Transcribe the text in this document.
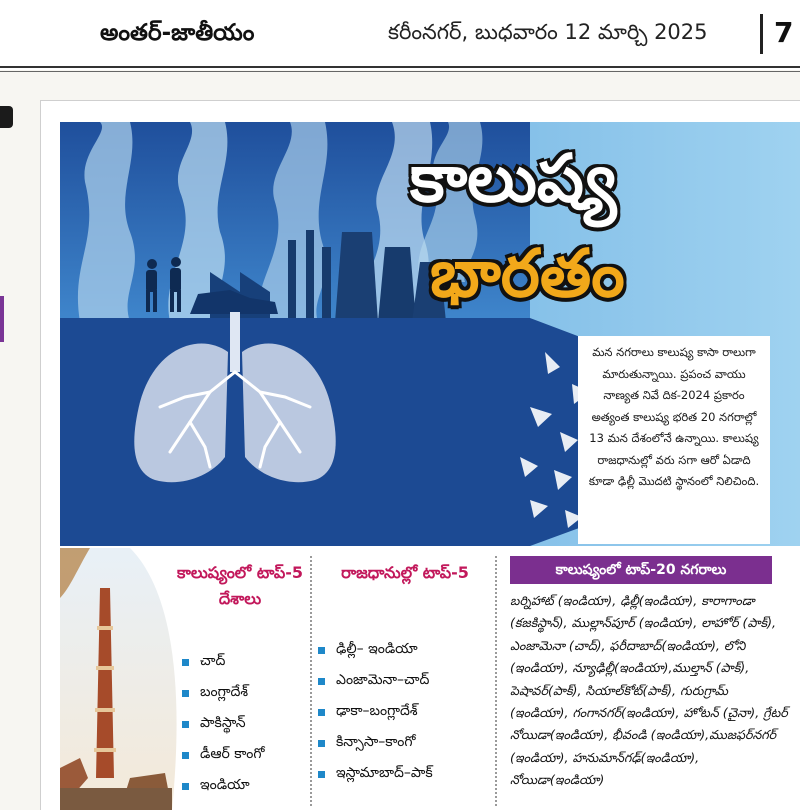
అంతర్-జాతీయం	కరీంనగర్, బుధవారం 12 మార్చి 2025 7
కాలుష్య
భారతం
మన నగరాలు కాలుష్య కాసా రాలుగా మారుతున్నాయి. ప్రపంచ వాయు నాణ్యత నివే దిక-2024 ప్రకారం అత్యంత కాలుష్య భరిత 20 నగరాల్లో 13 మన దేశంలోనే ఉన్నాయి. కాలుష్య రాజధానుల్లో వరు సగా ఆరో ఏడాది కూడా ఢిల్లీ మొదటి స్థానంలో నిలిచింది.
కాలుష్యంలో టాప్-5 దేశాలు
చాద్
బంగ్లాదేశ్
పాకిస్థాన్
డీఆర్ కాంగో
ఇండియా
రాజధానుల్లో టాప్-5
ఢిల్లీ– ఇండియా
ఎంజామెనా–చాద్
ఢాకా–బంగ్లాదేశ్
కిన్సాసా–కాంగో
ఇస్లామాబాద్–పాక్
కాలుష్యంలో టాప్-20 నగరాలు
బర్నిహాట్ (ఇండియా), ఢిల్లీ(ఇండియా), కారాగాండా (కజకిస్థాన్), ముల్లాన్‌పూర్ (ఇండియా), లాహోర్ (పాక్), ఎంజామెనా (చాద్), ఫరీదాబాద్(ఇండియా), లోని (ఇండియా), న్యూఢిల్లీ(ఇండియా),ముల్తాన్ (పాక్), పెషావర్(పాక్), సియాల్‌కోట్(పాక్), గురుగ్రామ్ (ఇండియా), గంగానగర్(ఇండియా), హోటన్ (చైనా), గ్రేటర్ నోయిడా(ఇండియా), భీవండి (ఇండియా),ముజఫర్‌నగర్ (ఇండియా), హనుమాన్‌గఢ్(ఇండియా), నోయిడా(ఇండియా)
